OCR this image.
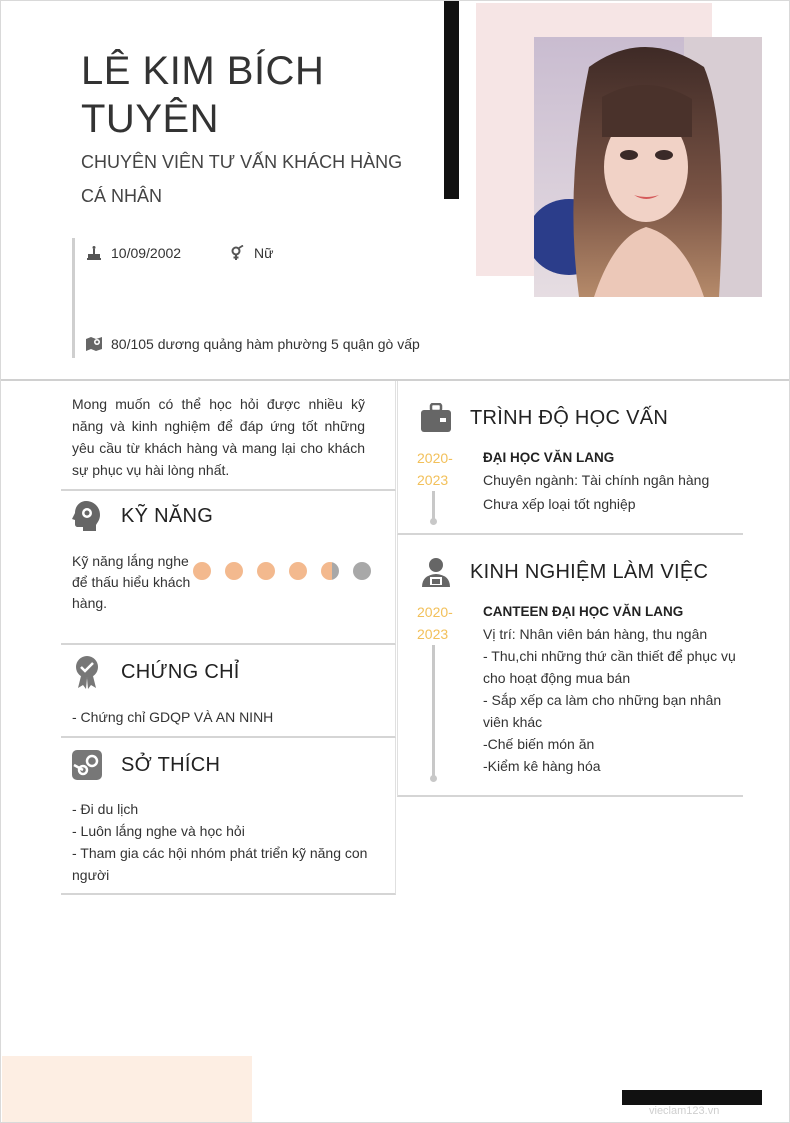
LÊ KIM BÍCH TUYÊN
CHUYÊN VIÊN TƯ VẤN KHÁCH HÀNG CÁ NHÂN
10/09/2002	Nữ
80/105 dương quảng hàm phường 5 quận gò vấp
Mong muốn có thể học hỏi được nhiều kỹ năng và kinh nghiệm để đáp ứng tốt những yêu cầu từ khách hàng và mang lại cho khách sự phục vụ hài lòng nhất.
KỸ NĂNG
Kỹ năng lắng nghe để thấu hiểu khách hàng.
CHỨNG CHỈ
- Chứng chỉ GDQP VÀ AN NINH
SỞ THÍCH
- Đi du lịch
- Luôn lắng nghe và học hỏi
- Tham gia các hội nhóm phát triển kỹ năng con người
TRÌNH ĐỘ HỌC VẤN
2020-
2023
ĐẠI HỌC VĂN LANG
Chuyên ngành: Tài chính ngân hàng
Chưa xếp loại tốt nghiệp
KINH NGHIỆM LÀM VIỆC
2020-
2023
CANTEEN ĐẠI HỌC VĂN LANG
Vị trí: Nhân viên bán hàng, thu ngân
- Thu,chi những thứ cần thiết để phục vụ cho hoạt động mua bán
- Sắp xếp ca làm cho những bạn nhân viên khác
-Chế biến món ăn
-Kiểm kê hàng hóa
vieclam123.vn
